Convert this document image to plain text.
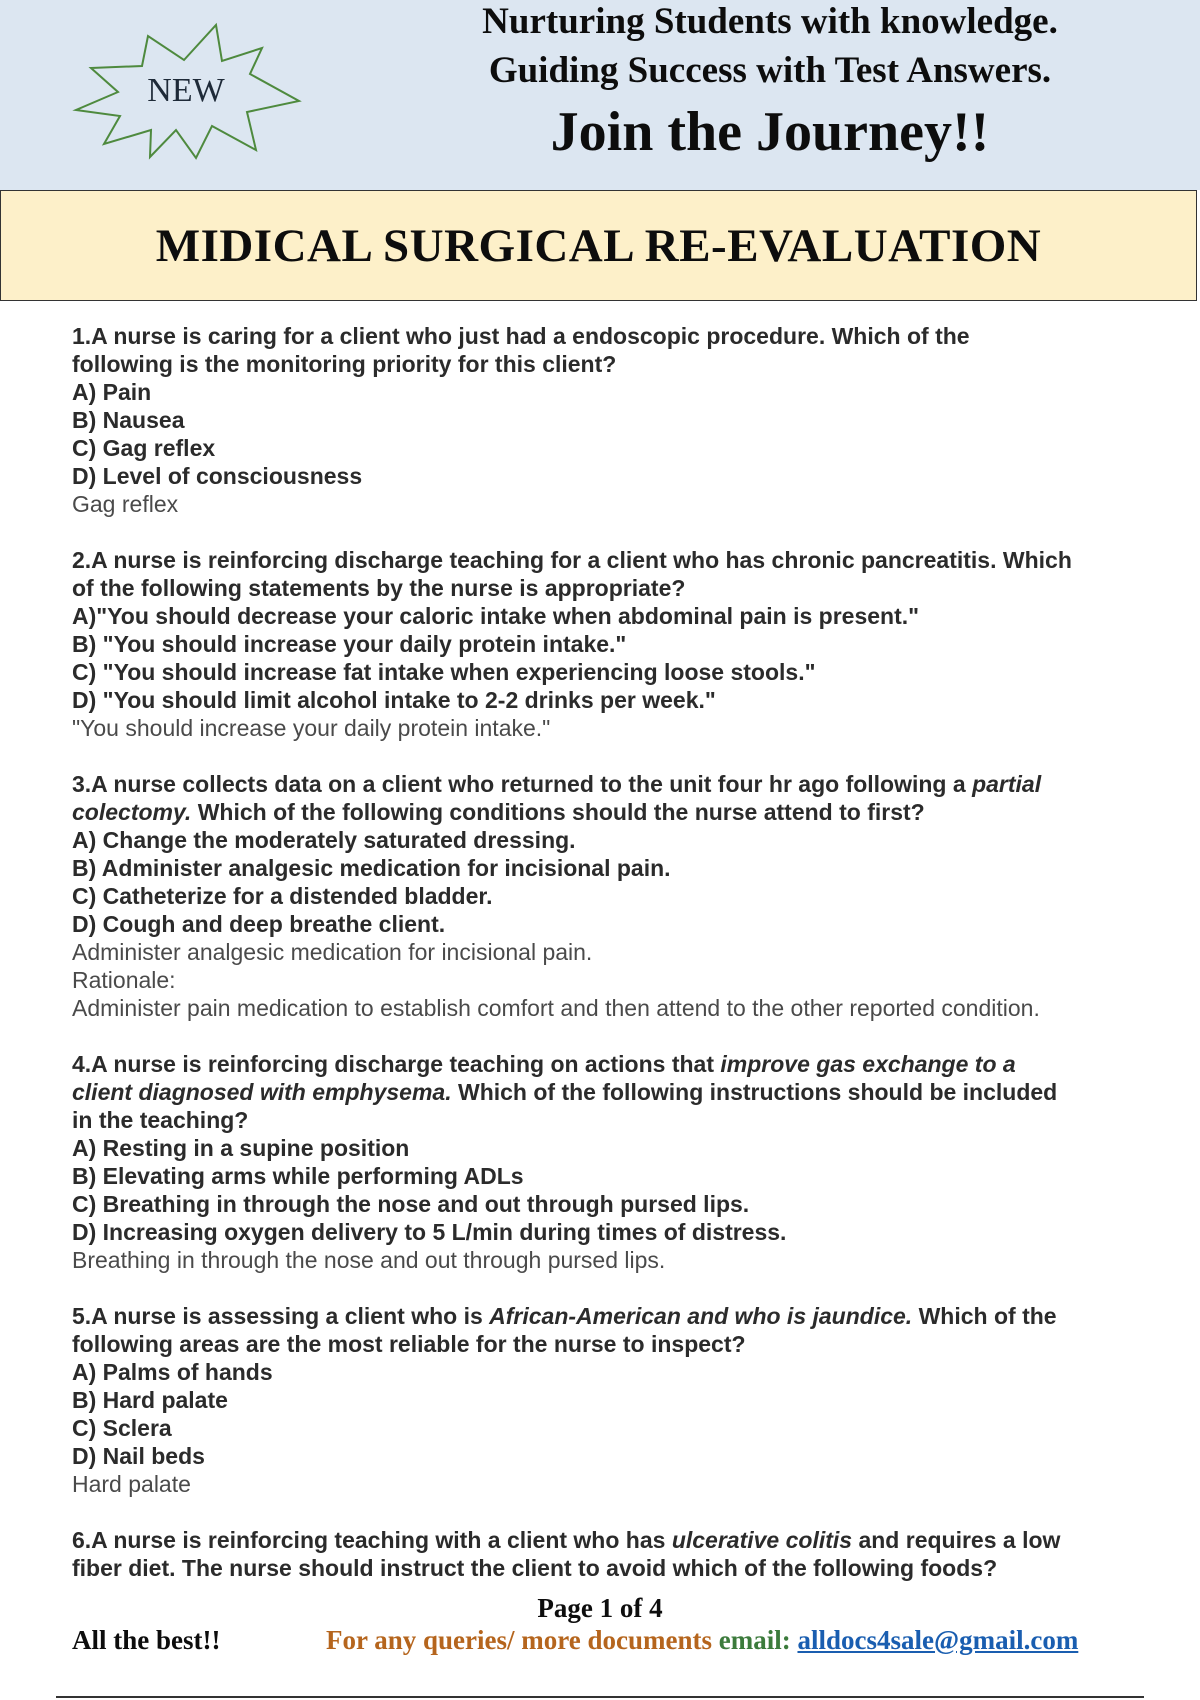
NEW
Nurturing Students with knowledge.
Guiding Success with Test Answers.
Join the Journey!!
MIDICAL SURGICAL RE-EVALUATION
1.A nurse is caring for a client who just had a endoscopic procedure. Which of the
following is the monitoring priority for this client?
A) Pain
B) Nausea
C) Gag reflex
D) Level of consciousness
Gag reflex
2.A nurse is reinforcing discharge teaching for a client who has chronic pancreatitis. Which
of the following statements by the nurse is appropriate?
A)"You should decrease your caloric intake when abdominal pain is present."
B) "You should increase your daily protein intake."
C) "You should increase fat intake when experiencing loose stools."
D) "You should limit alcohol intake to 2-2 drinks per week."
"You should increase your daily protein intake."
3.A nurse collects data on a client who returned to the unit four hr ago following a partial
colectomy. Which of the following conditions should the nurse attend to first?
A) Change the moderately saturated dressing.
B) Administer analgesic medication for incisional pain.
C) Catheterize for a distended bladder.
D) Cough and deep breathe client.
Administer analgesic medication for incisional pain.
Rationale:
Administer pain medication to establish comfort and then attend to the other reported condition.
4.A nurse is reinforcing discharge teaching on actions that improve gas exchange to a
client diagnosed with emphysema. Which of the following instructions should be included
in the teaching?
A) Resting in a supine position
B) Elevating arms while performing ADLs
C) Breathing in through the nose and out through pursed lips.
D) Increasing oxygen delivery to 5 L/min during times of distress.
Breathing in through the nose and out through pursed lips.
5.A nurse is assessing a client who is African-American and who is jaundice. Which of the
following areas are the most reliable for the nurse to inspect?
A) Palms of hands
B) Hard palate
C) Sclera
D) Nail beds
Hard palate
6.A nurse is reinforcing teaching with a client who has ulcerative colitis and requires a low
fiber diet. The nurse should instruct the client to avoid which of the following foods?
Page 1 of 4
All the best!!	For any queries/ more documents email: alldocs4sale@gmail.com
